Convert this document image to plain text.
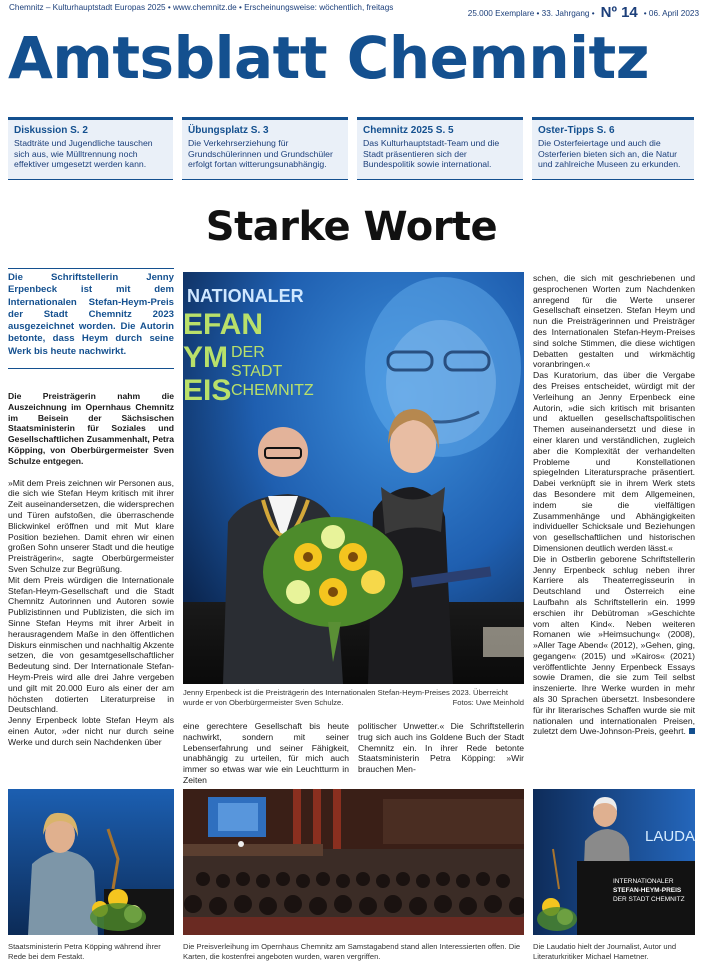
Chemnitz – Kulturhauptstadt Europas 2025 • www.chemnitz.de • Erscheinungsweise: wöchentlich, freitags
25.000 Exemplare • 33. Jahrgang • Nº 14 • 06. April 2023
Amtsblatt Chemnitz
Diskussion S. 2

Stadträte und Jugendliche tauschen sich aus, wie Mülltrennung noch effektiver umgesetzt werden kann.

Übungsplatz S. 3

Die Verkehrserziehung für Grundschülerinnen und Grundschüler erfolgt fortan witterungsunabhängig.

Chemnitz 2025 S. 5

Das Kulturhauptstadt-Team und die Stadt präsentieren sich der Bundespolitik sowie international.

Oster-Tipps S. 6

Die Osterfeiertage und auch die Osterferien bieten sich an, die Natur und zahlreiche Museen zu erkunden.

Starke Worte
Die Schriftstellerin Jenny Erpenbeck ist mit dem Internationalen Stefan-Heym-Preis der Stadt Chemnitz 2023 ausgezeichnet worden. Die Autorin betonte, dass Heym durch seine Werk bis heute nachwirkt.

Die Preisträgerin nahm die Auszeichnung im Opernhaus Chemnitz im Beisein der Sächsischen Staatsministerin für Soziales und Gesellschaftlichen Zusammenhalt, Petra Köpping, von Oberbürgermeister Sven Schulze entgegen.

»Mit dem Preis zeichnen wir Personen aus, die sich wie Stefan Heym kritisch mit ihrer Zeit auseinandersetzen, die widersprechen und Türen aufstoßen, die überraschende Blickwinkel eröffnen und mit Mut klare Position beziehen. Damit ehren wir einen großen Sohn unserer Stadt und die heutige Preisträgerin«, sagte Oberbürgermeister Sven Schulze zur Begrüßung.

Mit dem Preis würdigen die Internationale Stefan-Heym-Gesellschaft und die Stadt Chemnitz Autorinnen und Autoren sowie Publizistinnen und Publizisten, die sich im Sinne Stefan Heyms mit ihrer Arbeit in herausragendem Maße in den öffentlichen Diskurs einmischen und nachhaltig Akzente setzen, die von gesamtgesellschaftlicher Bedeutung sind. Der Internationale Stefan-Heym-Preis wird alle drei Jahre vergeben und gilt mit 20.000 Euro als einer der am höchsten dotierten Literaturpreise in Deutschland.

Jenny Erpenbeck lobte Stefan Heym als einen Autor, »der nicht nur durch seine Werke und durch sein Nachdenken über

NATIONALER
EFAN
YM
EIS
DER
STADT
CHEMNITZ
Jenny Erpenbeck ist die Preisträgerin des Internationalen Stefan-Heym-Preises 2023. Überreicht wurde er von Oberbürgermeister Sven Schulze.	Fotos: Uwe Meinhold
eine gerechtere Gesellschaft bis heute nachwirkt, sondern mit seiner Lebenserfahrung und seiner Fähigkeit, unabhängig zu urteilen, für mich auch immer so etwas war wie ein Leuchtturm in Zeiten
politischer Unwetter.« Die Schriftstellerin trug sich auch ins Goldene Buch der Stadt Chemnitz ein. In ihrer Rede betonte Staatsministerin Petra Köpping: »Wir brauchen Men-

schen, die sich mit geschriebenen und gesprochenen Worten zum Nachdenken anregend für die Werte unserer Gesellschaft einsetzen. Stefan Heym und nun die Preisträgerinnen und Preisträger des Internationalen Stefan-Heym-Preises sind solche Stimmen, die diese wichtigen Debatten gestalten und wirkmächtig voranbringen.«

Das Kuratorium, das über die Vergabe des Preises entscheidet, würdigt mit der Verleihung an Jenny Erpenbeck eine Autorin, »die sich kritisch mit brisanten und aktuellen gesellschaftspolitischen Themen auseinandersetzt und diese in einer klaren und verständlichen, zugleich aber die Komplexität der verhandelten Probleme und Konstellationen spiegelnden Literatursprache präsentiert. Dabei verknüpft sie in ihrem Werk stets das Besondere mit dem Allgemeinen, indem sie die vielfältigen Zusammenhänge und Abhängigkeiten individueller Schicksale und Beziehungen von gesellschaftlichen und historischen Dimensionen deutlich werden lässt.«

Die in Ostberlin geborene Schriftstellerin Jenny Erpenbeck schlug neben ihrer Karriere als Theaterregisseurin in Deutschland und Österreich eine Laufbahn als Schriftstellerin ein. 1999 erschien ihr Debütroman »Geschichte vom alten Kind«. Neben weiteren Romanen wie »Heimsuchung« (2008), »Aller Tage Abend« (2012), »Gehen, ging, gegangen« (2015) und »Kairos« (2021) veröffentlichte Jenny Erpenbeck Essays sowie Dramen, die sie zum Teil selbst inszenierte. Ihre Werke wurden in mehr als 30 Sprachen übersetzt. Insbesondere für ihr literarisches Schaffen wurde sie mit nationalen und internationalen Preisen, zuletzt dem Uwe-Johnson-Preis, geehrt.

Staatsministerin Petra Köpping während ihrer Rede bei dem Festakt.
Die Preisverleihung im Opernhaus Chemnitz am Samstagabend stand allen Interessierten offen. Die Karten, die kostenfrei angeboten wurden, waren vergriffen.
LAUDA
INTERNATIONALER
STEFAN-HEYM-PREIS
DER STADT CHEMNITZ
Die Laudatio hielt der Journalist, Autor und Literaturkritiker Michael Hametner.
